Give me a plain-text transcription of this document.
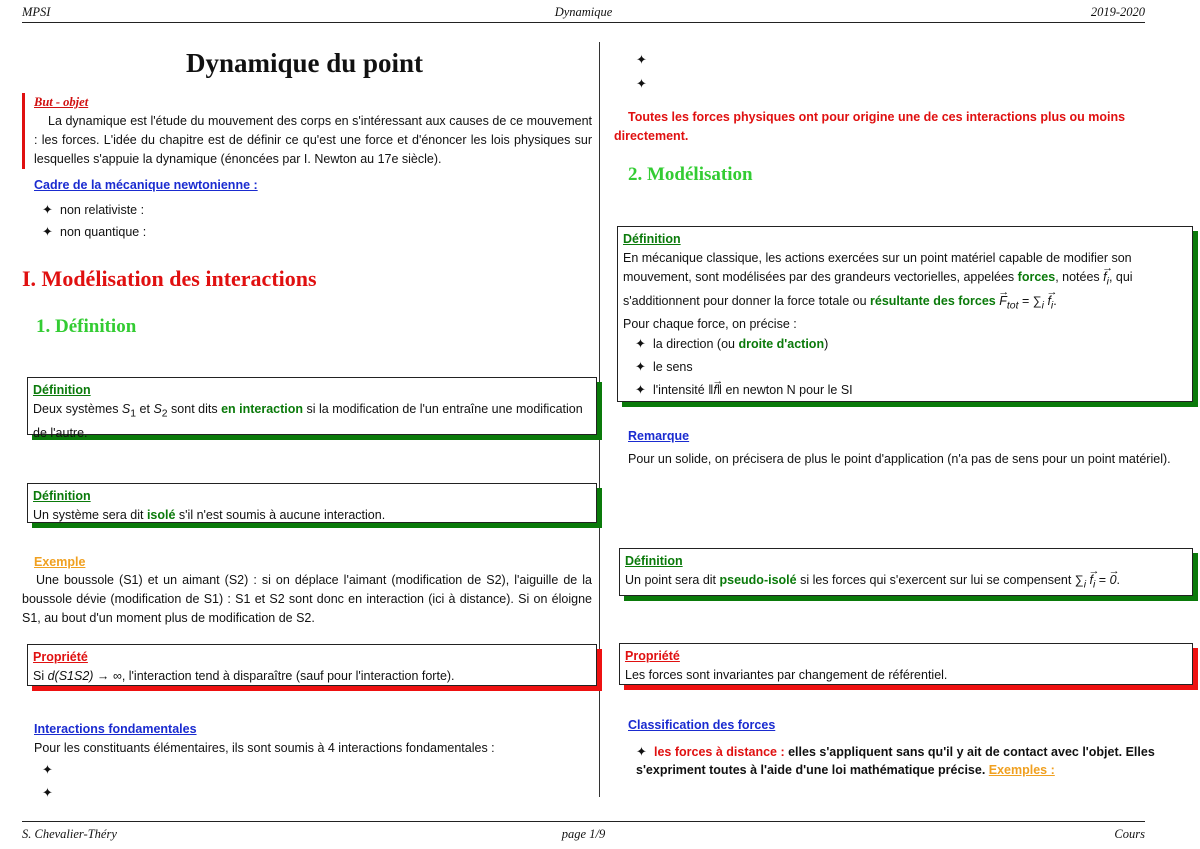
MPSI	Dynamique	2019-2020
Dynamique du point
But - objet
La dynamique est l'étude du mouvement des corps en s'intéressant aux causes de ce mouvement : les forces. L'idée du chapitre est de définir ce qu'est une force et d'énoncer les lois physiques sur lesquelles s'appuie la dynamique (énoncées par I. Newton au 17e siècle).
Cadre de la mécanique newtonienne :
✦ non relativiste :
✦ non quantique :
I. Modélisation des interactions
1. Définition
Définition
Deux systèmes $S_1$ et $S_2$ sont dits en interaction si la modification de l'un entraîne une modification de l'autre.
Définition
Un système sera dit isolé s'il n'est soumis à aucune interaction.
Exemple
Une boussole (S1) et un aimant (S2) : si on déplace l'aimant (modification de S2), l'aiguille de la boussole dévie (modification de S1) : S1 et S2 sont donc en interaction (ici à distance). Si on éloigne S1, au bout d'un moment plus de modification de S2.
Propriété
Si d(S1S2) → ∞, l'interaction tend à disparaître (sauf pour l'interaction forte).
Interactions fondamentales
Pour les constituants élémentaires, ils sont soumis à 4 interactions fondamentales :
✦
✦
✦
✦
Toutes les forces physiques ont pour origine une de ces interactions plus ou moins directement.
2. Modélisation
Définition
En mécanique classique, les actions exercées sur un point matériel capable de modifier son mouvement, sont modélisées par des grandeurs vectorielles, appelées forces, notées → $f_i$, qui s'additionnent pour donner la force totale ou résultante des forces → $F_{tot} = \sum_i \to f_i$.
Pour chaque force, on précise :
✦ la direction (ou droite d'action)
✦ le sens
✦ l'intensité ‖→ f‖ en newton N pour le SI
Remarque
Pour un solide, on précisera de plus le point d'application (n'a pas de sens pour un point matériel).
Définition
Un point sera dit pseudo-isolé si les forces qui s'exercent sur lui se compensent $\sum_i \to f_i$ = → 0.
Propriété
Les forces sont invariantes par changement de référentiel.
Classification des forces
✦ les forces à distance : elles s'appliquent sans qu'il y ait de contact avec l'objet. Elles s'expriment toutes à l'aide d'une loi mathématique précise. Exemples :
S. Chevalier-Théry	page 1/9	Cours
